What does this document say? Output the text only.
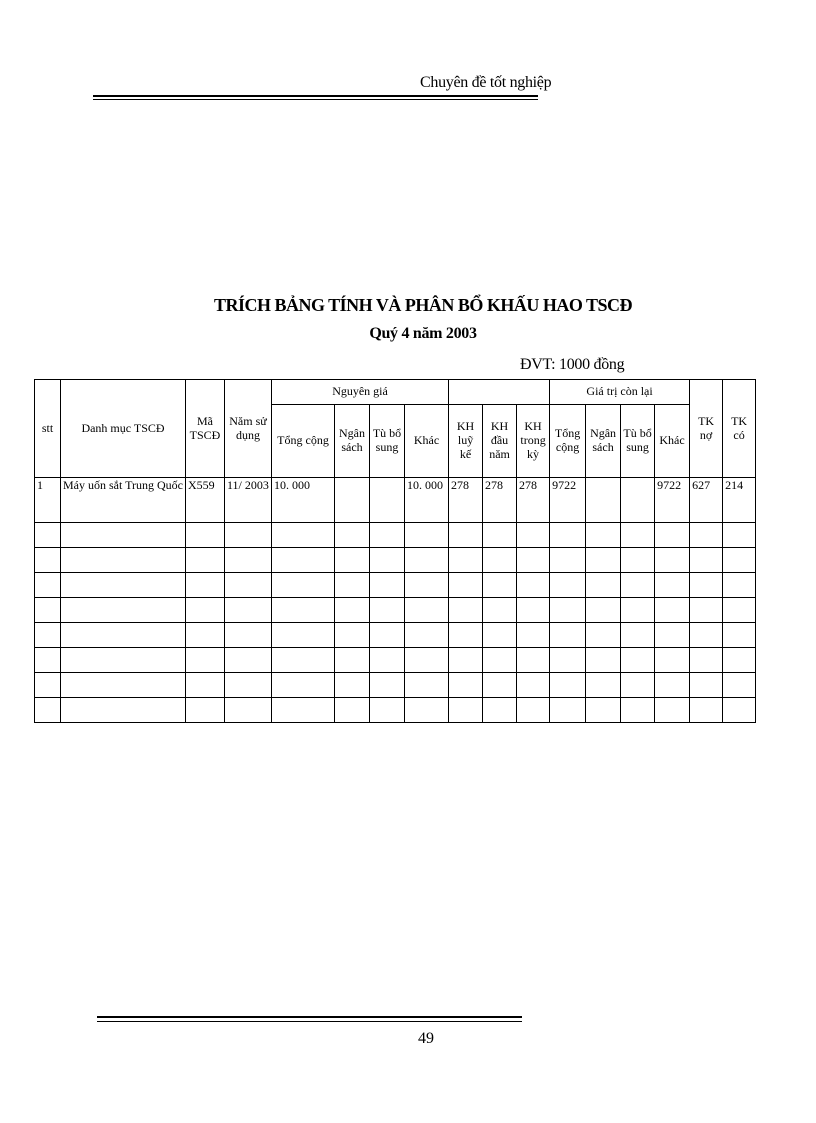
Chuyên đề tốt nghiệp
TRÍCH BẢNG TÍNH VÀ PHÂN BỔ KHẤU HAO TSCĐ
Quý 4 năm 2003
ĐVT: 1000 đồng
stt	Danh mục TSCĐ	Mã TSCĐ	Năm sử dụng	Nguyên giá							Giá trị còn lại				TK nợ	TK có
				Tổng cộng	Ngân sách	Tù bổ sung	Khác	KH luỹ kế	KH đầu năm	KH trong kỳ	Tổng cộng	Ngân sách	Tù bổ sung	Khác		
1	Máy uốn sắt Trung Quốc	X559	11/ 2003	10. 000			10. 000	278	278	278	9722			9722	627	214

49
